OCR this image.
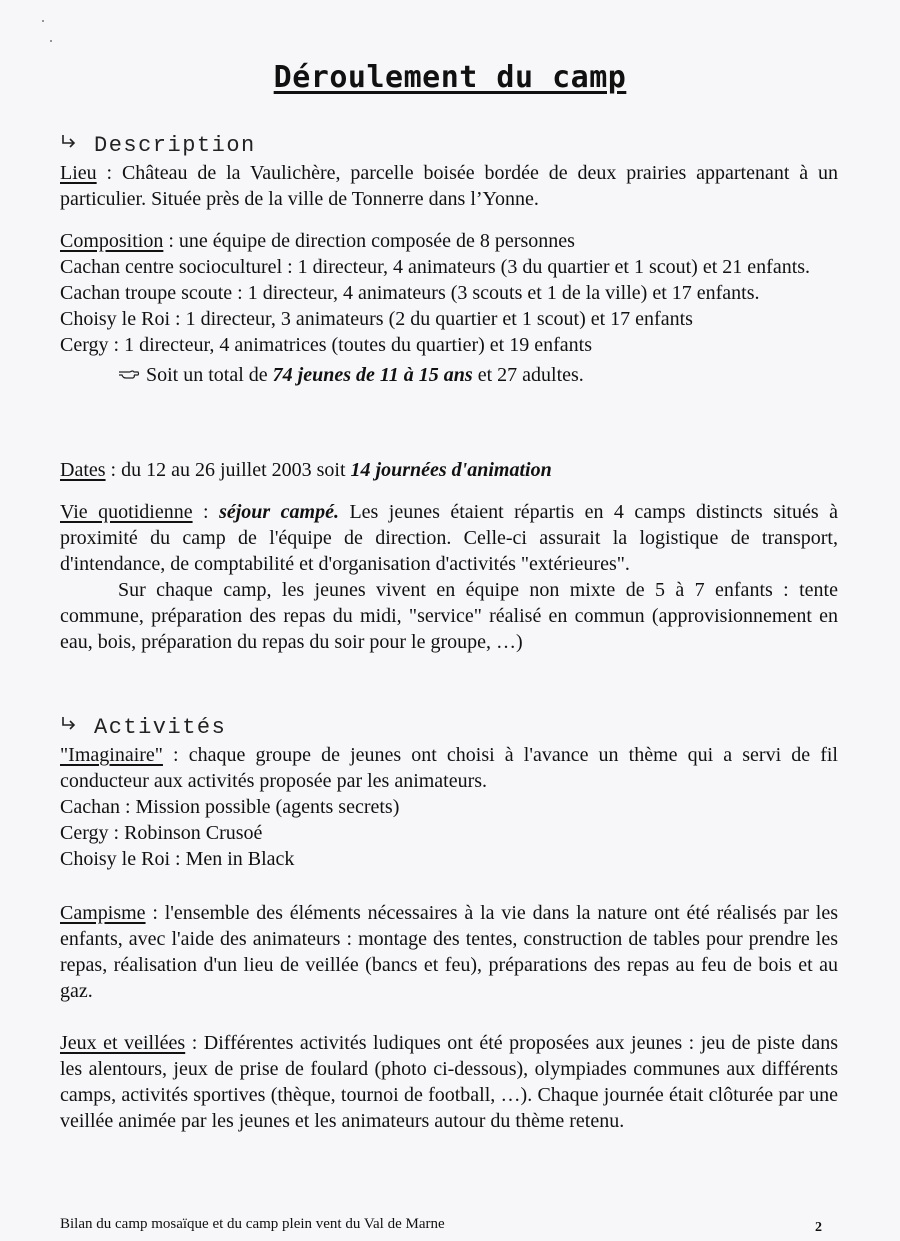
Déroulement du camp
Description
Lieu : Château de la Vaulichère, parcelle boisée bordée de deux prairies appartenant à un particulier. Située près de la ville de Tonnerre dans l’Yonne.
Composition : une équipe de direction composée de 8 personnes
Cachan centre socioculturel : 1 directeur, 4 animateurs (3 du quartier et 1 scout) et 21 enfants.
Cachan troupe scoute : 1 directeur, 4 animateurs (3 scouts et 1 de la ville) et 17 enfants.
Choisy le Roi : 1 directeur, 3 animateurs (2 du quartier et 1 scout) et 17 enfants
Cergy : 1 directeur, 4 animatrices (toutes du quartier) et 19 enfants
Soit un total de 74 jeunes de 11 à 15 ans et 27 adultes.
Dates : du 12 au 26 juillet 2003 soit 14 journées d'animation
Vie quotidienne : séjour campé. Les jeunes étaient répartis en 4 camps distincts situés à proximité du camp de l'équipe de direction. Celle-ci assurait la logistique de transport, d'intendance, de comptabilité et d'organisation d'activités "extérieures".
Sur chaque camp, les jeunes vivent en équipe non mixte de 5 à 7 enfants : tente commune, préparation des repas du midi, "service" réalisé en commun (approvisionnement en eau, bois, préparation du repas du soir pour le groupe, …)
Activités
"Imaginaire" : chaque groupe de jeunes ont choisi à l'avance un thème qui a servi de fil conducteur aux activités proposée par les animateurs.
Cachan : Mission possible (agents secrets)
Cergy : Robinson Crusoé
Choisy le Roi : Men in Black
Campisme : l'ensemble des éléments nécessaires à la vie dans la nature ont été réalisés par les enfants, avec l'aide des animateurs : montage des tentes, construction de tables pour prendre les repas, réalisation d'un lieu de veillée (bancs et feu), préparations des repas au feu de bois et au gaz.
Jeux et veillées : Différentes activités ludiques ont été proposées aux jeunes : jeu de piste dans les alentours, jeux de prise de foulard (photo ci-dessous), olympiades communes aux différents camps, activités sportives (thèque, tournoi de football, …). Chaque journée était clôturée par une veillée animée par les jeunes et les animateurs autour du thème retenu.
Bilan du camp mosaïque et du camp plein vent du Val de Marne	2
